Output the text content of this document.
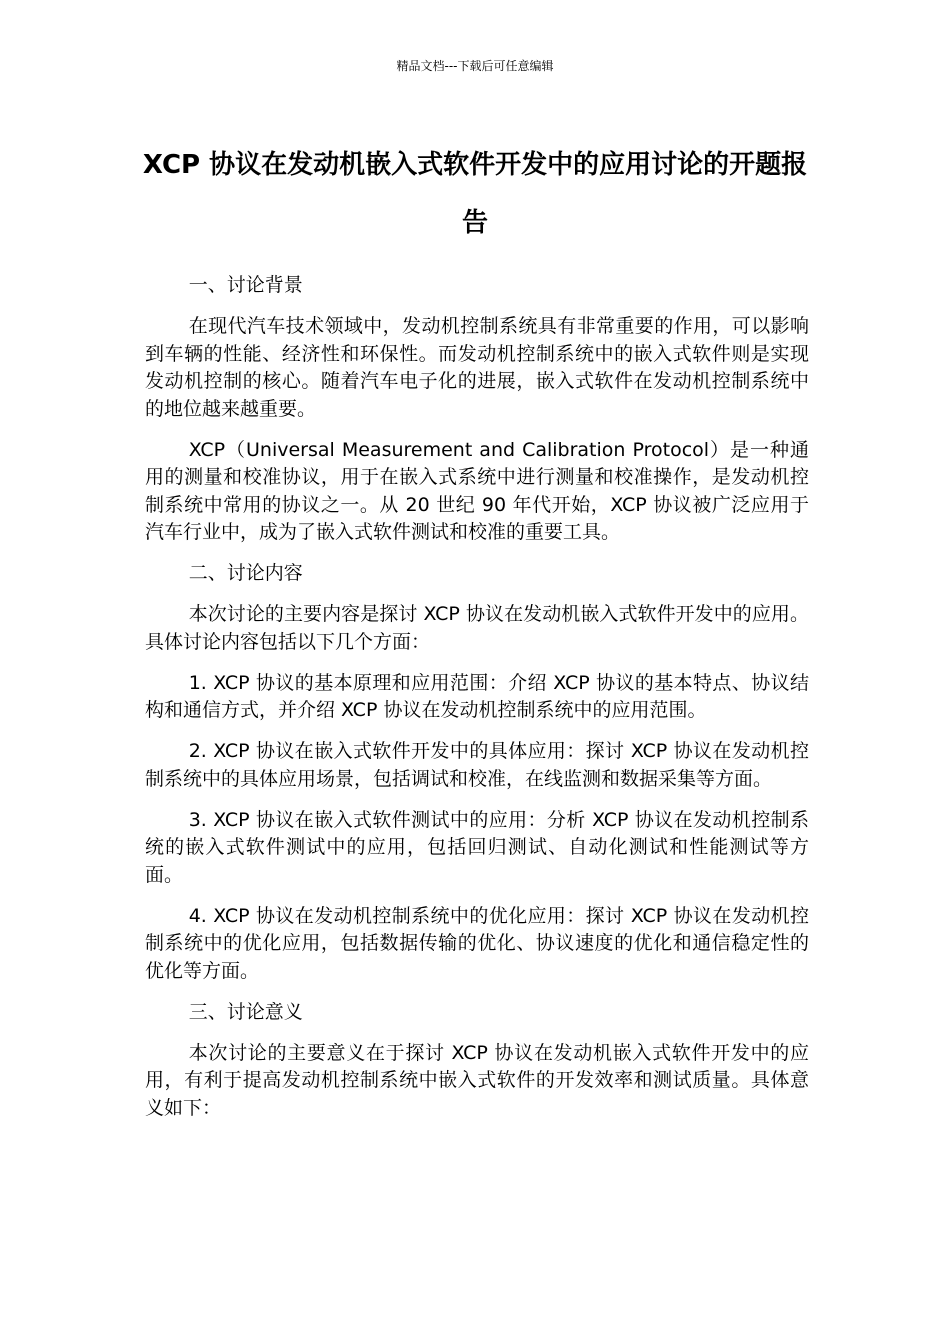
精品文档---下载后可任意编辑
XCP 协议在发动机嵌入式软件开发中的应用讨论的开题报告

一、讨论背景

在现代汽车技术领域中，发动机控制系统具有非常重要的作用，可以影响到车辆的性能、经济性和环保性。而发动机控制系统中的嵌入式软件则是实现发动机控制的核心。随着汽车电子化的进展，嵌入式软件在发动机控制系统中的地位越来越重要。

XCP（Universal Measurement and Calibration Protocol）是一种通用的测量和校准协议，用于在嵌入式系统中进行测量和校准操作，是发动机控制系统中常用的协议之一。从 20 世纪 90 年代开始，XCP 协议被广泛应用于汽车行业中，成为了嵌入式软件测试和校准的重要工具。

二、讨论内容

本次讨论的主要内容是探讨 XCP 协议在发动机嵌入式软件开发中的应用。具体讨论内容包括以下几个方面：

1. XCP 协议的基本原理和应用范围：介绍 XCP 协议的基本特点、协议结构和通信方式，并介绍 XCP 协议在发动机控制系统中的应用范围。

2. XCP 协议在嵌入式软件开发中的具体应用：探讨 XCP 协议在发动机控制系统中的具体应用场景，包括调试和校准，在线监测和数据采集等方面。

3. XCP 协议在嵌入式软件测试中的应用：分析 XCP 协议在发动机控制系统的嵌入式软件测试中的应用，包括回归测试、自动化测试和性能测试等方面。

4. XCP 协议在发动机控制系统中的优化应用：探讨 XCP 协议在发动机控制系统中的优化应用，包括数据传输的优化、协议速度的优化和通信稳定性的优化等方面。

三、讨论意义

本次讨论的主要意义在于探讨 XCP 协议在发动机嵌入式软件开发中的应用，有利于提高发动机控制系统中嵌入式软件的开发效率和测试质量。具体意义如下：
